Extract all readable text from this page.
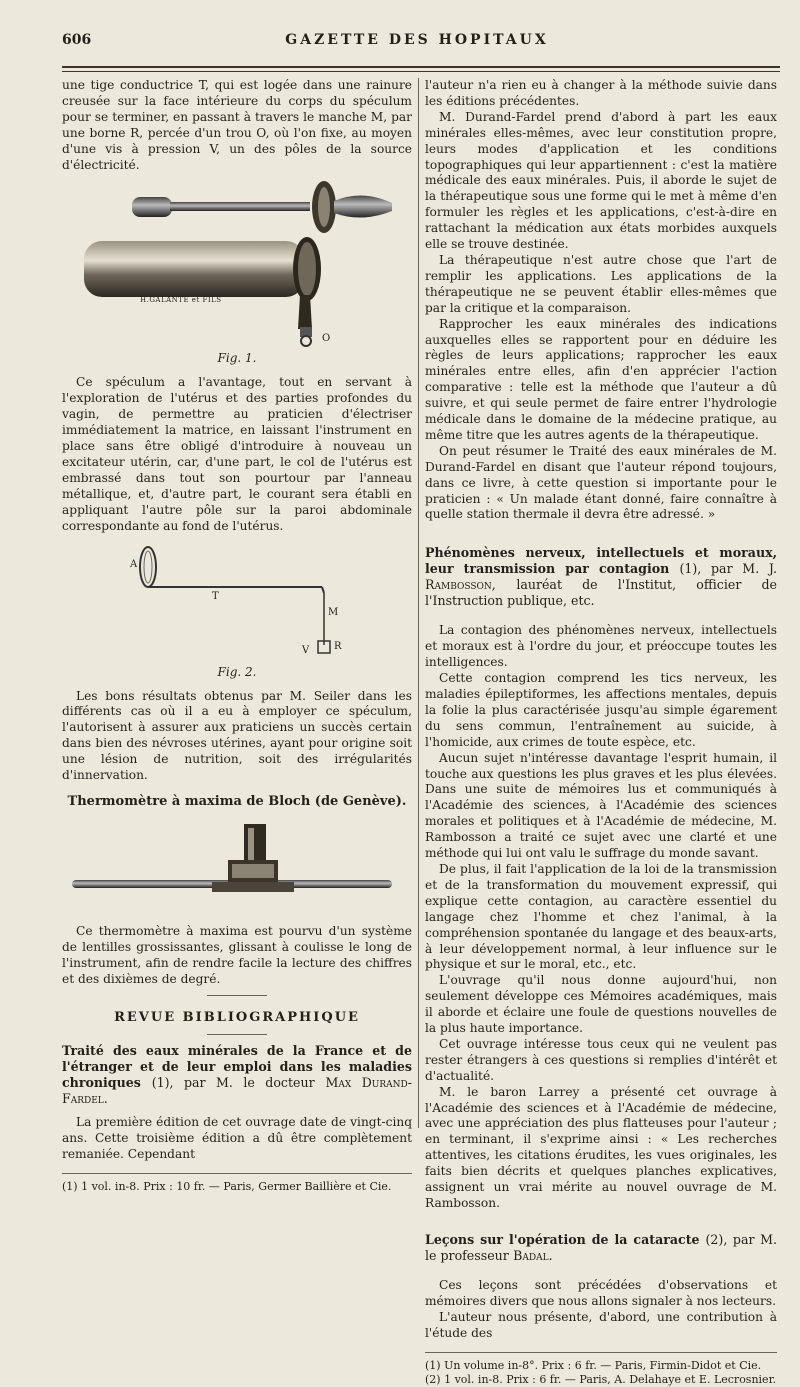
606	GAZETTE DES HOPITAUX

une tige conductrice T, qui est logée dans une rainure creusée sur la face intérieure du corps du spéculum pour se terminer, en passant à travers le manche M, par une borne R, percée d'un trou O, où l'on fixe, au moyen d'une vis à pression V, un des pôles de la source d'électricité.

H.GALANTE et FILS
O
Fig. 1.

Ce spéculum a l'avantage, tout en servant à l'exploration de l'utérus et des parties profondes du vagin, de permettre au praticien d'électriser immédiatement la matrice, en laissant l'instrument en place sans être obligé d'introduire à nouveau un excitateur utérin, car, d'une part, le col de l'utérus est embrassé dans tout son pourtour par l'anneau métallique, et, d'autre part, le courant sera établi en appliquant l'autre pôle sur la paroi abdominale correspondante au fond de l'utérus.

A
T
M
V R
Fig. 2.

Les bons résultats obtenus par M. Seiler dans les différents cas où il a eu à employer ce spéculum, l'autorisent à assurer aux praticiens un succès certain dans bien des névroses utérines, ayant pour origine soit une lésion de nutrition, soit des irrégularités d'innervation.

Thermomètre à maxima de Bloch (de Genève).

Ce thermomètre à maxima est pourvu d'un système de lentilles grossissantes, glissant à coulisse le long de l'instrument, afin de rendre facile la lecture des chiffres et des dixièmes de degré.

REVUE BIBLIOGRAPHIQUE

Traité des eaux minérales de la France et de l'étranger et de leur emploi dans les maladies chroniques (1), par M. le docteur Max Durand-Fardel.

La première édition de cet ouvrage date de vingt-cinq ans. Cette troisième édition a dû être complètement remaniée. Cependant

(1) 1 vol. in-8. Prix : 10 fr. — Paris, Germer Baillière et Cie.

l'auteur n'a rien eu à changer à la méthode suivie dans les éditions précédentes.

M. Durand-Fardel prend d'abord à part les eaux minérales elles-mêmes, avec leur constitution propre, leurs modes d'application et les conditions topographiques qui leur appartiennent : c'est la matière médicale des eaux minérales. Puis, il aborde le sujet de la thérapeutique sous une forme qui le met à même d'en formuler les règles et les applications, c'est-à-dire en rattachant la médication aux états morbides auxquels elle se trouve destinée.

La thérapeutique n'est autre chose que l'art de remplir les applications. Les applications de la thérapeutique ne se peuvent établir elles-mêmes que par la critique et la comparaison.

Rapprocher les eaux minérales des indications auxquelles elles se rapportent pour en déduire les règles de leurs applications; rapprocher les eaux minérales entre elles, afin d'en apprécier l'action comparative : telle est la méthode que l'auteur a dû suivre, et qui seule permet de faire entrer l'hydrologie médicale dans le domaine de la médecine pratique, au même titre que les autres agents de la thérapeutique.

On peut résumer le Traité des eaux minérales de M. Durand-Fardel en disant que l'auteur répond toujours, dans ce livre, à cette question si importante pour le praticien : « Un malade étant donné, faire connaître à quelle station thermale il devra être adressé. »

Phénomènes nerveux, intellectuels et moraux, leur transmission par contagion (1), par M. J. Rambosson, lauréat de l'Institut, officier de l'Instruction publique, etc.

La contagion des phénomènes nerveux, intellectuels et moraux est à l'ordre du jour, et préoccupe toutes les intelligences.

Cette contagion comprend les tics nerveux, les maladies épileptiformes, les affections mentales, depuis la folie la plus caractérisée jusqu'au simple égarement du sens commun, l'entraînement au suicide, à l'homicide, aux crimes de toute espèce, etc.

Aucun sujet n'intéresse davantage l'esprit humain, il touche aux questions les plus graves et les plus élevées. Dans une suite de mémoires lus et communiqués à l'Académie des sciences, à l'Académie des sciences morales et politiques et à l'Académie de médecine, M. Rambosson a traité ce sujet avec une clarté et une méthode qui lui ont valu le suffrage du monde savant.

De plus, il fait l'application de la loi de la transmission et de la transformation du mouvement expressif, qui explique cette contagion, au caractère essentiel du langage chez l'homme et chez l'animal, à la compréhension spontanée du langage et des beaux-arts, à leur développement normal, à leur influence sur le physique et sur le moral, etc., etc.

L'ouvrage qu'il nous donne aujourd'hui, non seulement développe ces Mémoires académiques, mais il aborde et éclaire une foule de questions nouvelles de la plus haute importance.

Cet ouvrage intéresse tous ceux qui ne veulent pas rester étrangers à ces questions si remplies d'intérêt et d'actualité.

M. le baron Larrey a présenté cet ouvrage à l'Académie des sciences et à l'Académie de médecine, avec une appréciation des plus flatteuses pour l'auteur ; en terminant, il s'exprime ainsi : « Les recherches attentives, les citations érudites, les vues originales, les faits bien décrits et quelques planches explicatives, assignent un vrai mérite au nouvel ouvrage de M. Rambosson.

Leçons sur l'opération de la cataracte (2), par M. le professeur Badal.

Ces leçons sont précédées d'observations et mémoires divers que nous allons signaler à nos lecteurs.

L'auteur nous présente, d'abord, une contribution à l'étude des

(1) Un volume in-8°. Prix : 6 fr. — Paris, Firmin-Didot et Cie.

(2) 1 vol. in-8. Prix : 6 fr. — Paris, A. Delahaye et E. Lecrosnier.
